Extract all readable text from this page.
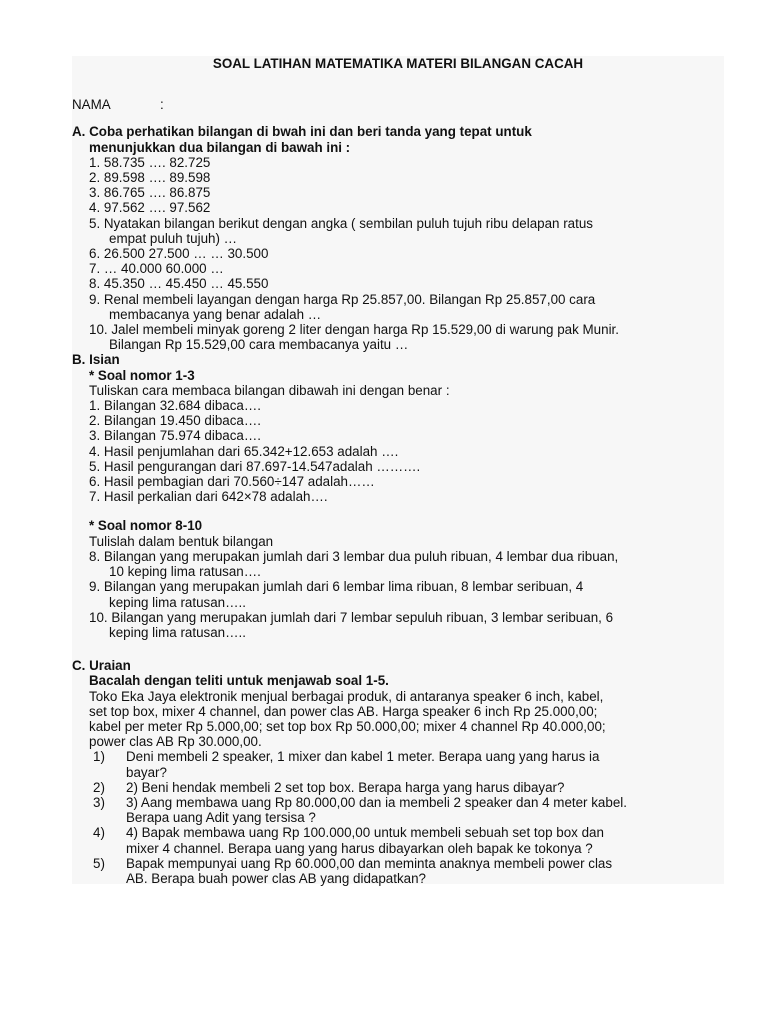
SOAL LATIHAN MATEMATIKA MATERI BILANGAN CACAH
NAMA	:
A. Coba perhatikan bilangan di bwah ini dan beri tanda yang tepat untuk
menunjukkan dua bilangan di bawah ini :
1. 58.735 …. 82.725
2. 89.598 …. 89.598
3. 86.765 …. 86.875
4. 97.562 …. 97.562
5. Nyatakan bilangan berikut dengan angka ( sembilan puluh tujuh ribu delapan ratus
empat puluh tujuh) …
6. 26.500 27.500 … … 30.500
7. … 40.000 60.000 …
8. 45.350 … 45.450 … 45.550
9. Renal membeli layangan dengan harga Rp 25.857,00. Bilangan Rp 25.857,00 cara
membacanya yang benar adalah …
10. Jalel membeli minyak goreng 2 liter dengan harga Rp 15.529,00 di warung pak Munir.
Bilangan Rp 15.529,00 cara membacanya yaitu …
B. Isian
* Soal nomor 1-3
Tuliskan cara membaca bilangan dibawah ini dengan benar :
1. Bilangan 32.684 dibaca….
2. Bilangan 19.450 dibaca….
3. Bilangan 75.974 dibaca….
4. Hasil penjumlahan dari 65.342+12.653 adalah ….
5. Hasil pengurangan dari 87.697-14.547adalah ……….
6. Hasil pembagian dari 70.560÷147 adalah……
7. Hasil perkalian dari 642×78 adalah….
* Soal nomor 8-10
Tulislah dalam bentuk bilangan
8. Bilangan yang merupakan jumlah dari 3 lembar dua puluh ribuan, 4 lembar dua ribuan,
10 keping lima ratusan….
9. Bilangan yang merupakan jumlah dari 6 lembar lima ribuan, 8 lembar seribuan, 4
keping lima ratusan…..
10. Bilangan yang merupakan jumlah dari 7 lembar sepuluh ribuan, 3 lembar seribuan, 6
keping lima ratusan…..
C. Uraian
Bacalah dengan teliti untuk menjawab soal 1-5.
Toko Eka Jaya elektronik menjual berbagai produk, di antaranya speaker 6 inch, kabel,
set top box, mixer 4 channel, dan power clas AB. Harga speaker 6 inch Rp 25.000,00;
kabel per meter Rp 5.000,00; set top box Rp 50.000,00; mixer 4 channel Rp 40.000,00;
power clas AB Rp 30.000,00.
1)	Deni membeli 2 speaker, 1 mixer dan kabel 1 meter. Berapa uang yang harus ia
bayar?
2)	2) Beni hendak membeli 2 set top box. Berapa harga yang harus dibayar?
3)	3) Aang membawa uang Rp 80.000,00 dan ia membeli 2 speaker dan 4 meter kabel.
Berapa uang Adit yang tersisa ?
4)	4) Bapak membawa uang Rp 100.000,00 untuk membeli sebuah set top box dan
mixer 4 channel. Berapa uang yang harus dibayarkan oleh bapak ke tokonya ?
5)	Bapak mempunyai uang Rp 60.000,00 dan meminta anaknya membeli power clas
AB. Berapa buah power clas AB yang didapatkan?
